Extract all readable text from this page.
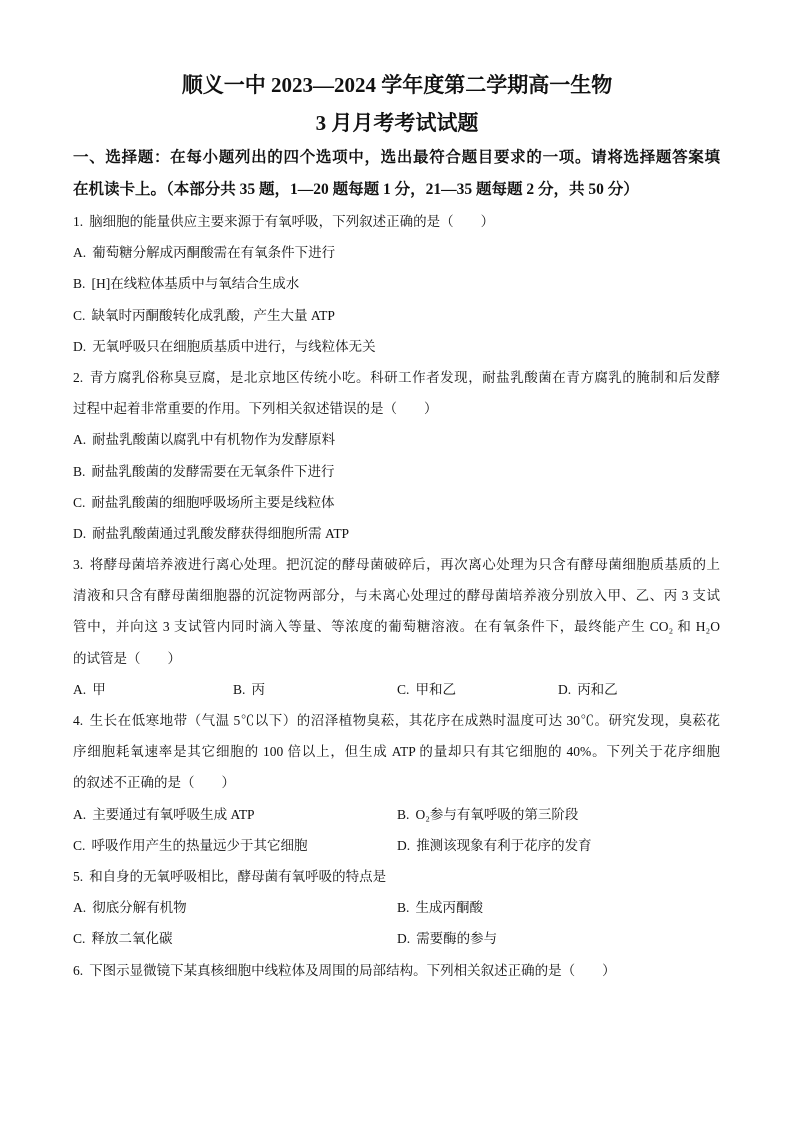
顺义一中 2023—2024 学年度第二学期高一生物
3 月月考考试试题
一、选择题：在每小题列出的四个选项中，选出最符合题目要求的一项。请将选择题答案填
在机读卡上。（本部分共 35 题，1—20 题每题 1 分，21—35 题每题 2 分，共 50 分）
1. 脑细胞的能量供应主要来源于有氧呼吸，下列叙述正确的是（　　）
A. 葡萄糖分解成丙酮酸需在有氧条件下进行
B. [H]在线粒体基质中与氧结合生成水
C. 缺氧时丙酮酸转化成乳酸，产生大量 ATP
D. 无氧呼吸只在细胞质基质中进行，与线粒体无关
2. 青方腐乳俗称臭豆腐，是北京地区传统小吃。科研工作者发现，耐盐乳酸菌在青方腐乳的腌制和后发酵
过程中起着非常重要的作用。下列相关叙述错误的是（　　）
A. 耐盐乳酸菌以腐乳中有机物作为发酵原料
B. 耐盐乳酸菌的发酵需要在无氧条件下进行
C. 耐盐乳酸菌的细胞呼吸场所主要是线粒体
D. 耐盐乳酸菌通过乳酸发酵获得细胞所需 ATP
3. 将酵母菌培养液进行离心处理。把沉淀的酵母菌破碎后，再次离心处理为只含有酵母菌细胞质基质的上
清液和只含有酵母菌细胞器的沉淀物两部分，与未离心处理过的酵母菌培养液分别放入甲、乙、丙 3 支试
管中，并向这 3 支试管内同时滴入等量、等浓度的葡萄糖溶液。在有氧条件下，最终能产生 CO₂ 和 H₂O
的试管是（　　）
A. 甲	B. 丙	C. 甲和乙	D. 丙和乙
4. 生长在低寒地带（气温 5℃以下）的沼泽植物臭菘，其花序在成熟时温度可达 30℃。研究发现，臭菘花
序细胞耗氧速率是其它细胞的 100 倍以上，但生成 ATP 的量却只有其它细胞的 40%。下列关于花序细胞
的叙述不正确的是（　　）
A. 主要通过有氧呼吸生成 ATP	B. O₂参与有氧呼吸的第三阶段
C. 呼吸作用产生的热量远少于其它细胞	D. 推测该现象有利于花序的发育
5. 和自身的无氧呼吸相比，酵母菌有氧呼吸的特点是
A. 彻底分解有机物	B. 生成丙酮酸
C. 释放二氧化碳	D. 需要酶的参与
6. 下图示显微镜下某真核细胞中线粒体及周围的局部结构。下列相关叙述正确的是（　　）
